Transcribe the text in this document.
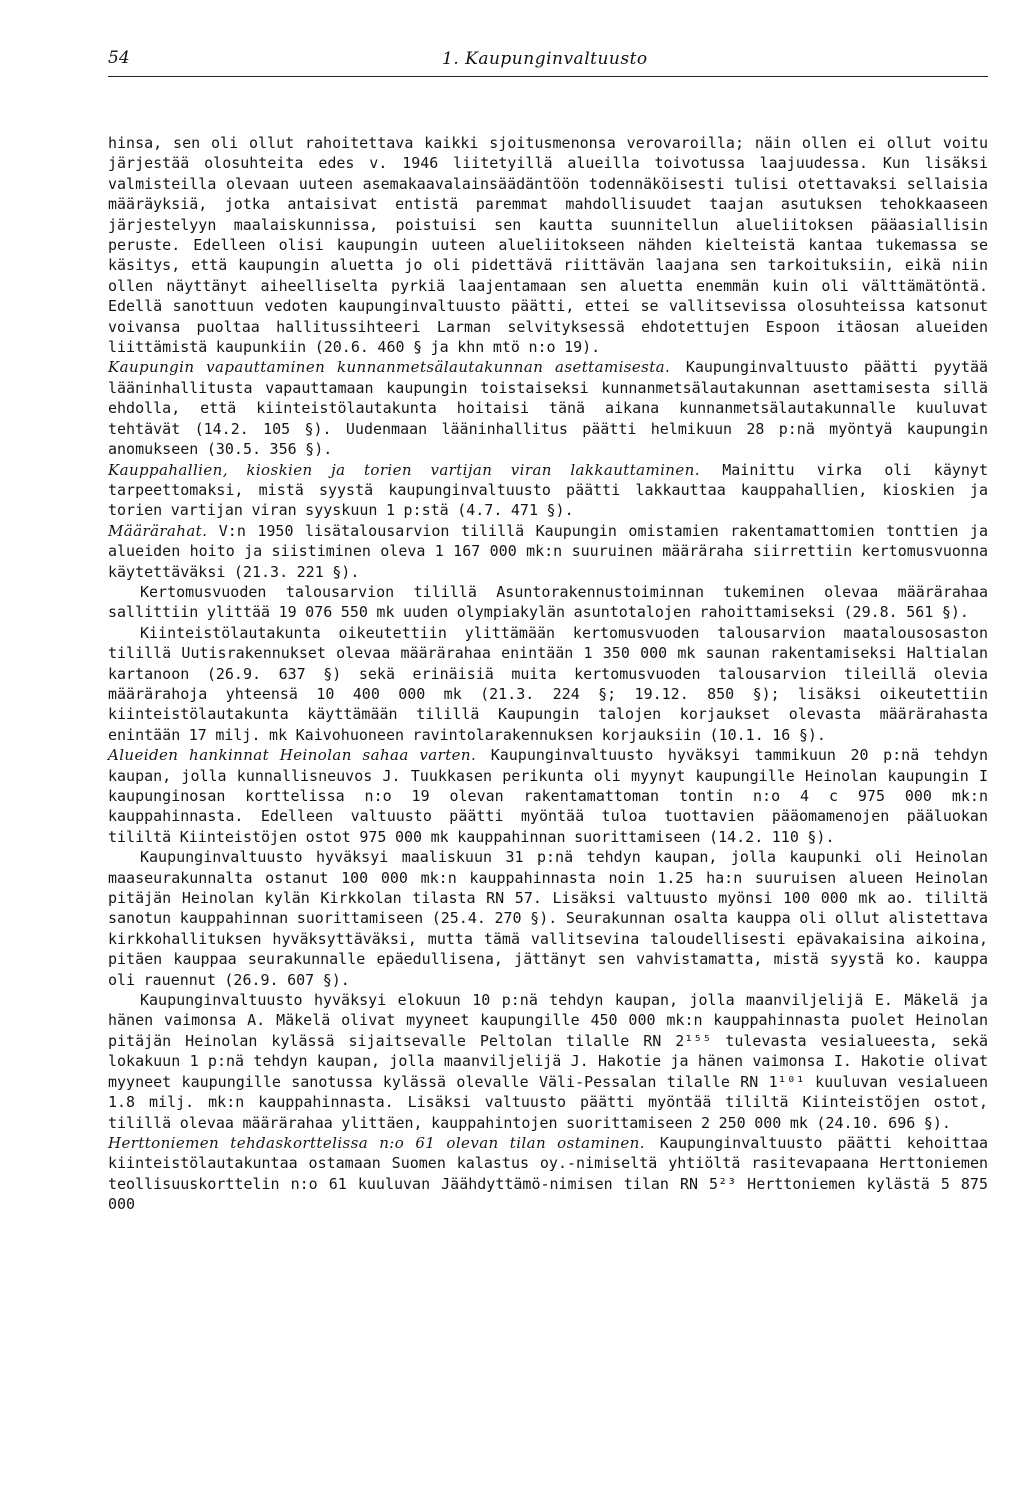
54	1. Kaupunginvaltuusto

hinsa, sen oli ollut rahoitettava kaikki sjoitusmenonsa verovaroilla; näin ollen ei ollut voitu järjestää olosuhteita edes v. 1946 liitetyillä alueilla toivotussa laajuudessa. Kun lisäksi valmisteilla olevaan uuteen asemakaavalainsäädäntöön todennäköisesti tulisi otettavaksi sellaisia määräyksiä, jotka antaisivat entistä paremmat mahdollisuudet taajan asutuksen tehokkaaseen järjestelyyn maalaiskunnissa, poistuisi sen kautta suunnitellun alueliitoksen pääasiallisin peruste. Edelleen olisi kaupungin uuteen alueliitokseen nähden kielteistä kantaa tukemassa se käsitys, että kaupungin aluetta jo oli pidettävä riittävän laajana sen tarkoituksiin, eikä niin ollen näyttänyt aiheelliselta pyrkiä laajentamaan sen aluetta enemmän kuin oli välttämätöntä. Edellä sanottuun vedoten kaupunginvaltuusto päätti, ettei se vallitsevissa olosuhteissa katsonut voivansa puoltaa hallitussihteeri Larman selvityksessä ehdotettujen Espoon itäosan alueiden liittämistä kaupunkiin (20.6. 460 § ja khn mtö n:o 19).

Kaupungin vapauttaminen kunnanmetsälautakunnan asettamisesta. Kaupunginvaltuusto päätti pyytää lääninhallitusta vapauttamaan kaupungin toistaiseksi kunnanmetsälautakunnan asettamisesta sillä ehdolla, että kiinteistölautakunta hoitaisi tänä aikana kunnanmetsälautakunnalle kuuluvat tehtävät (14.2. 105 §). Uudenmaan lääninhallitus päätti helmikuun 28 p:nä myöntyä kaupungin anomukseen (30.5. 356 §).

Kauppahallien, kioskien ja torien vartijan viran lakkauttaminen. Mainittu virka oli käynyt tarpeettomaksi, mistä syystä kaupunginvaltuusto päätti lakkauttaa kauppahallien, kioskien ja torien vartijan viran syyskuun 1 p:stä (4.7. 471 §).

Määrärahat. V:n 1950 lisätalousarvion tilillä Kaupungin omistamien rakentamattomien tonttien ja alueiden hoito ja siistiminen oleva 1 167 000 mk:n suuruinen määräraha siirrettiin kertomusvuonna käytettäväksi (21.3. 221 §).

Kertomusvuoden talousarvion tilillä Asuntorakennustoiminnan tukeminen olevaa määrärahaa sallittiin ylittää 19 076 550 mk uuden olympiakylän asuntotalojen rahoittamiseksi (29.8. 561 §).

Kiinteistölautakunta oikeutettiin ylittämään kertomusvuoden talousarvion maatalousosaston tilillä Uutisrakennukset olevaa määrärahaa enintään 1 350 000 mk saunan rakentamiseksi Haltialan kartanoon (26.9. 637 §) sekä erinäisiä muita kertomusvuoden talousarvion tileillä olevia määrärahoja yhteensä 10 400 000 mk (21.3. 224 §; 19.12. 850 §); lisäksi oikeutettiin kiinteistölautakunta käyttämään tilillä Kaupungin talojen korjaukset olevasta määrärahasta enintään 17 milj. mk Kaivohuoneen ravintolarakennuksen korjauksiin (10.1. 16 §).

Alueiden hankinnat Heinolan sahaa varten. Kaupunginvaltuusto hyväksyi tammikuun 20 p:nä tehdyn kaupan, jolla kunnallisneuvos J. Tuukkasen perikunta oli myynyt kaupungille Heinolan kaupungin I kaupunginosan korttelissa n:o 19 olevan rakentamattoman tontin n:o 4 c 975 000 mk:n kauppahinnasta. Edelleen valtuusto päätti myöntää tuloa tuottavien pääomamenojen pääluokan tililtä Kiinteistöjen ostot 975 000 mk kauppahinnan suorittamiseen (14.2. 110 §).

Kaupunginvaltuusto hyväksyi maaliskuun 31 p:nä tehdyn kaupan, jolla kaupunki oli Heinolan maaseurakunnalta ostanut 100 000 mk:n kauppahinnasta noin 1.25 ha:n suuruisen alueen Heinolan pitäjän Heinolan kylän Kirkkolan tilasta RN 57. Lisäksi valtuusto myönsi 100 000 mk ao. tililtä sanotun kauppahinnan suorittamiseen (25.4. 270 §). Seurakunnan osalta kauppa oli ollut alistettava kirkkohallituksen hyväksyttäväksi, mutta tämä vallitsevina taloudellisesti epävakaisina aikoina, pitäen kauppaa seurakunnalle epäedullisena, jättänyt sen vahvistamatta, mistä syystä ko. kauppa oli rauennut (26.9. 607 §).

Kaupunginvaltuusto hyväksyi elokuun 10 p:nä tehdyn kaupan, jolla maanviljelijä E. Mäkelä ja hänen vaimonsa A. Mäkelä olivat myyneet kaupungille 450 000 mk:n kauppahinnasta puolet Heinolan pitäjän Heinolan kylässä sijaitsevalle Peltolan tilalle RN 2¹⁵⁵ tulevasta vesialueesta, sekä lokakuun 1 p:nä tehdyn kaupan, jolla maanviljelijä J. Hakotie ja hänen vaimonsa I. Hakotie olivat myyneet kaupungille sanotussa kylässä olevalle Väli-Pessalan tilalle RN 1¹⁰¹ kuuluvan vesialueen 1.8 milj. mk:n kauppahinnasta. Lisäksi valtuusto päätti myöntää tililtä Kiinteistöjen ostot, tilillä olevaa määrärahaa ylittäen, kauppahintojen suorittamiseen 2 250 000 mk (24.10. 696 §).

Herttoniemen tehdaskorttelissa n:o 61 olevan tilan ostaminen. Kaupunginvaltuusto päätti kehoittaa kiinteistölautakuntaa ostamaan Suomen kalastus oy.-nimiseltä yhtiöltä rasitevapaana Herttoniemen teollisuuskorttelin n:o 61 kuuluvan Jäähdyttämö-nimisen tilan RN 5²³ Herttoniemen kylästä 5 875 000
